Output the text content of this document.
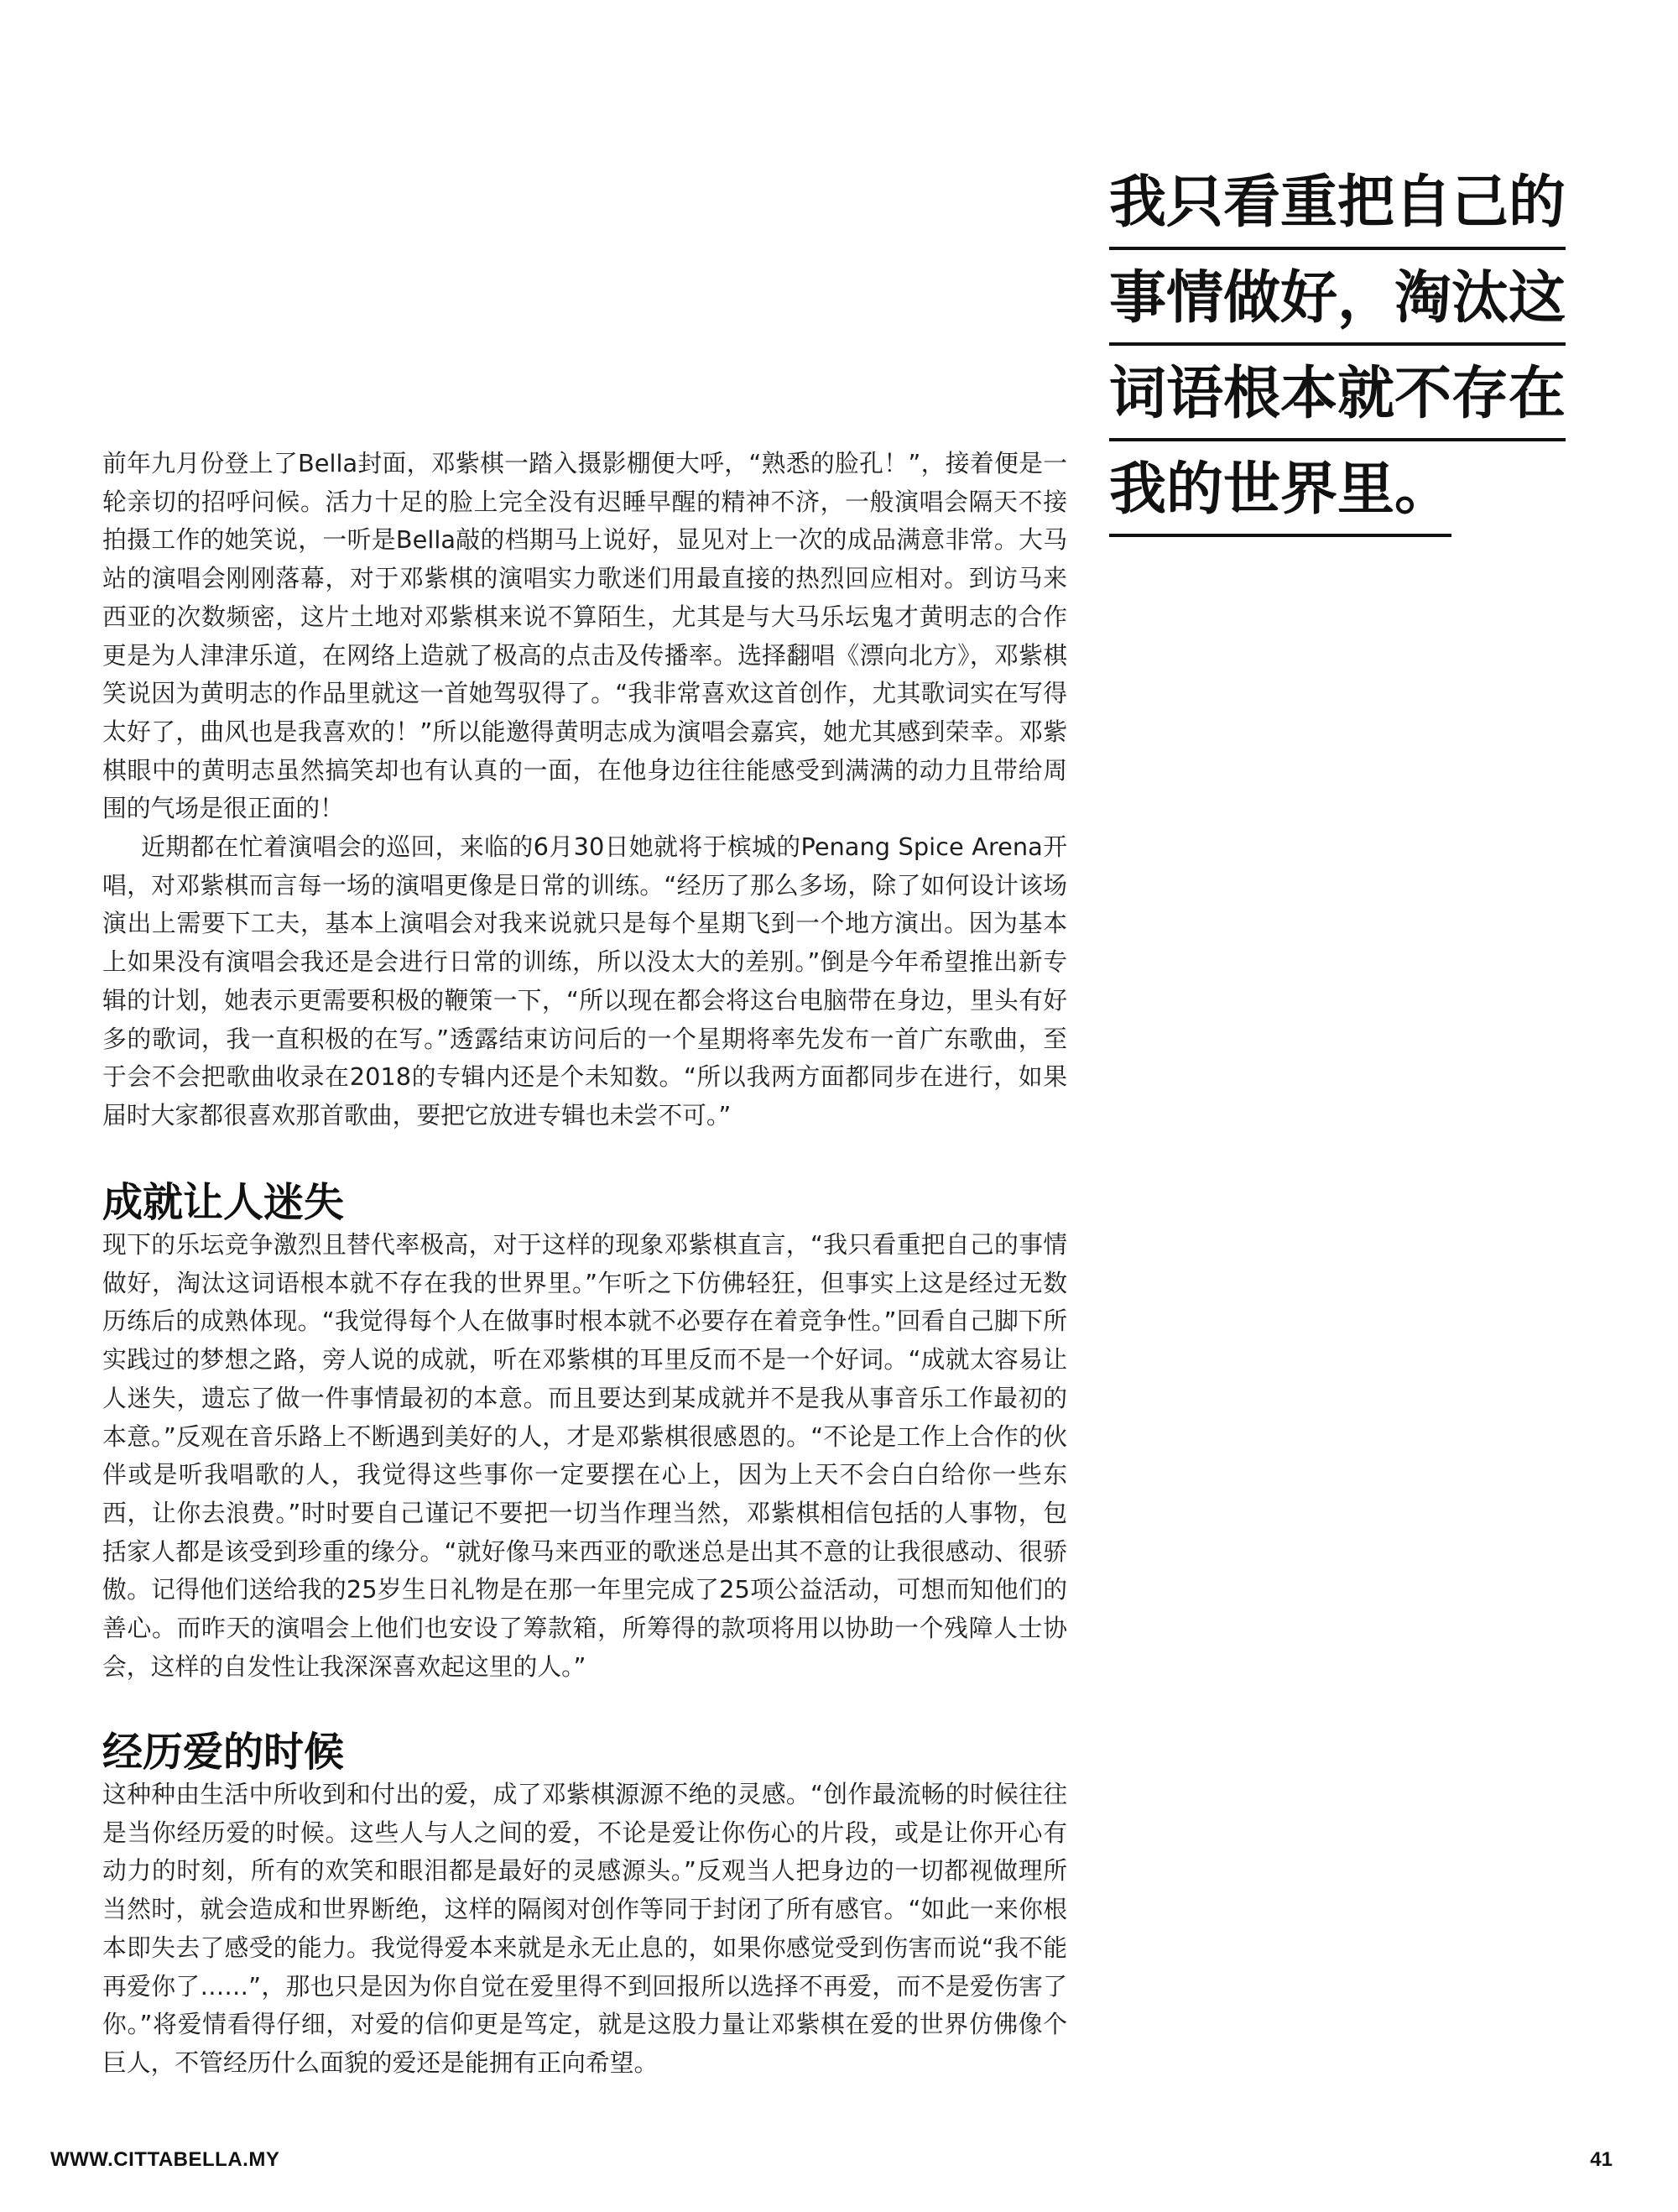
我只看重把自己的
事情做好，淘汰这
词语根本就不存在
我的世界里。

前年九月份登上了Bella封面，邓紫棋一踏入摄影棚便大呼，“熟悉的脸孔！”，接着便是一轮亲切的招呼问候。活力十足的脸上完全没有迟睡早醒的精神不济，一般演唱会隔天不接拍摄工作的她笑说，一听是Bella敲的档期马上说好，显见对上一次的成品满意非常。大马站的演唱会刚刚落幕，对于邓紫棋的演唱实力歌迷们用最直接的热烈回应相对。到访马来西亚的次数频密，这片土地对邓紫棋来说不算陌生，尤其是与大马乐坛鬼才黄明志的合作更是为人津津乐道，在网络上造就了极高的点击及传播率。选择翻唱《漂向北方》，邓紫棋笑说因为黄明志的作品里就这一首她驾驭得了。“我非常喜欢这首创作，尤其歌词实在写得太好了，曲风也是我喜欢的！”所以能邀得黄明志成为演唱会嘉宾，她尤其感到荣幸。邓紫棋眼中的黄明志虽然搞笑却也有认真的一面，在他身边往往能感受到满满的动力且带给周围的气场是很正面的！

近期都在忙着演唱会的巡回，来临的6月30日她就将于槟城的Penang Spice Arena开唱，对邓紫棋而言每一场的演唱更像是日常的训练。“经历了那么多场，除了如何设计该场演出上需要下工夫，基本上演唱会对我来说就只是每个星期飞到一个地方演出。因为基本上如果没有演唱会我还是会进行日常的训练，所以没太大的差别。”倒是今年希望推出新专辑的计划，她表示更需要积极的鞭策一下，“所以现在都会将这台电脑带在身边，里头有好多的歌词，我一直积极的在写。”透露结束访问后的一个星期将率先发布一首广东歌曲，至于会不会把歌曲收录在2018的专辑内还是个未知数。“所以我两方面都同步在进行，如果届时大家都很喜欢那首歌曲，要把它放进专辑也未尝不可。”

成就让人迷失

现下的乐坛竞争激烈且替代率极高，对于这样的现象邓紫棋直言，“我只看重把自己的事情做好，淘汰这词语根本就不存在我的世界里。”乍听之下仿佛轻狂，但事实上这是经过无数历练后的成熟体现。“我觉得每个人在做事时根本就不必要存在着竞争性。”回看自己脚下所实践过的梦想之路，旁人说的成就，听在邓紫棋的耳里反而不是一个好词。“成就太容易让人迷失，遗忘了做一件事情最初的本意。而且要达到某成就并不是我从事音乐工作最初的本意。”反观在音乐路上不断遇到美好的人，才是邓紫棋很感恩的。“不论是工作上合作的伙伴或是听我唱歌的人，我觉得这些事你一定要摆在心上，因为上天不会白白给你一些东西，让你去浪费。”时时要自己谨记不要把一切当作理当然，邓紫棋相信包括的人事物，包括家人都是该受到珍重的缘分。“就好像马来西亚的歌迷总是出其不意的让我很感动、很骄傲。记得他们送给我的25岁生日礼物是在那一年里完成了25项公益活动，可想而知他们的善心。而昨天的演唱会上他们也安设了筹款箱，所筹得的款项将用以协助一个残障人士协会，这样的自发性让我深深喜欢起这里的人。”

经历爱的时候

这种种由生活中所收到和付出的爱，成了邓紫棋源源不绝的灵感。“创作最流畅的时候往往是当你经历爱的时候。这些人与人之间的爱，不论是爱让你伤心的片段，或是让你开心有动力的时刻，所有的欢笑和眼泪都是最好的灵感源头。”反观当人把身边的一切都视做理所当然时，就会造成和世界断绝，这样的隔阂对创作等同于封闭了所有感官。“如此一来你根本即失去了感受的能力。我觉得爱本来就是永无止息的，如果你感觉受到伤害而说“我不能再爱你了……”，那也只是因为你自觉在爱里得不到回报所以选择不再爱，而不是爱伤害了你。”将爱情看得仔细，对爱的信仰更是笃定，就是这股力量让邓紫棋在爱的世界仿佛像个巨人，不管经历什么面貌的爱还是能拥有正向希望。

WWW.CITTABELLA.MY	41
